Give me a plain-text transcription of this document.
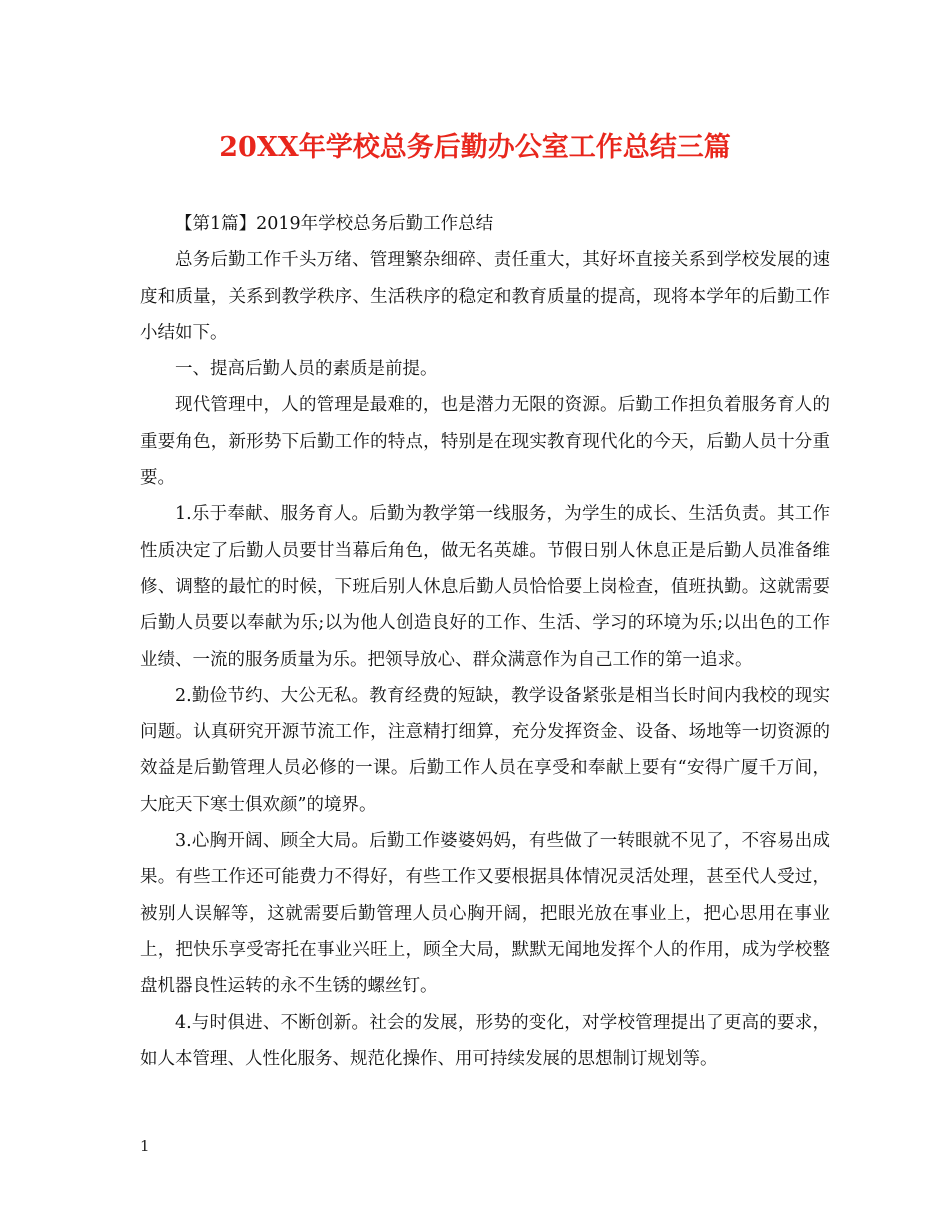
20XX年学校总务后勤办公室工作总结三篇

【第1篇】2019年学校总务后勤工作总结

总务后勤工作千头万绪、管理繁杂细碎、责任重大，其好坏直接关系到学校发展的速度和质量，关系到教学秩序、生活秩序的稳定和教育质量的提高，现将本学年的后勤工作小结如下。

一、提高后勤人员的素质是前提。

现代管理中，人的管理是最难的，也是潜力无限的资源。后勤工作担负着服务育人的重要角色，新形势下后勤工作的特点，特别是在现实教育现代化的今天，后勤人员十分重要。

1.乐于奉献、服务育人。后勤为教学第一线服务，为学生的成长、生活负责。其工作性质决定了后勤人员要甘当幕后角色，做无名英雄。节假日别人休息正是后勤人员准备维修、调整的最忙的时候，下班后别人休息后勤人员恰恰要上岗检查，值班执勤。这就需要后勤人员要以奉献为乐;以为他人创造良好的工作、生活、学习的环境为乐;以出色的工作业绩、一流的服务质量为乐。把领导放心、群众满意作为自己工作的第一追求。

2.勤俭节约、大公无私。教育经费的短缺，教学设备紧张是相当长时间内我校的现实问题。认真研究开源节流工作，注意精打细算，充分发挥资金、设备、场地等一切资源的效益是后勤管理人员必修的一课。后勤工作人员在享受和奉献上要有“安得广厦千万间，大庇天下寒士俱欢颜”的境界。

3.心胸开阔、顾全大局。后勤工作婆婆妈妈，有些做了一转眼就不见了，不容易出成果。有些工作还可能费力不得好，有些工作又要根据具体情况灵活处理，甚至代人受过，被别人误解等，这就需要后勤管理人员心胸开阔，把眼光放在事业上，把心思用在事业上，把快乐享受寄托在事业兴旺上，顾全大局，默默无闻地发挥个人的作用，成为学校整盘机器良性运转的永不生锈的螺丝钉。

4.与时俱进、不断创新。社会的发展，形势的变化，对学校管理提出了更高的要求，如人本管理、人性化服务、规范化操作、用可持续发展的思想制订规划等。

1
